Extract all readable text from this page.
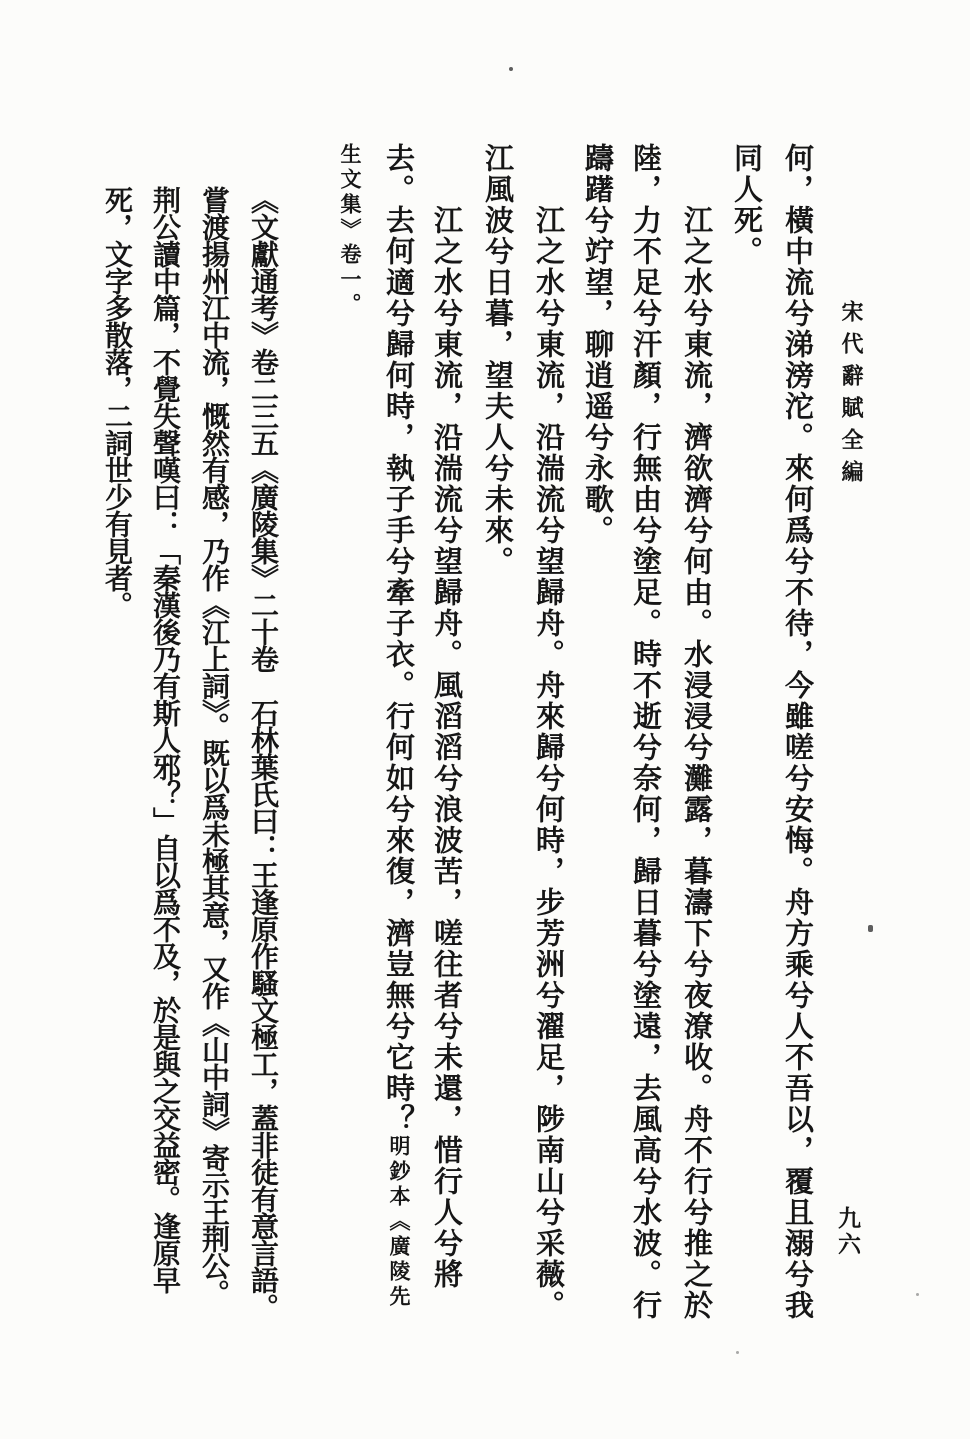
宋代辭賦全編
九六
何，橫中流兮涕滂沱。來何爲兮不待，今雖嗟兮安悔。舟方乘兮人不吾以，覆且溺兮我
同人死。
江之水兮東流，濟欲濟兮何由。水浸浸兮灘露，暮濤下兮夜潦收。舟不行兮推之於
陸，力不足兮汗顏，行無由兮塗足。時不逝兮奈何，歸日暮兮塗遠，去風高兮水波。行
躊躇兮竚望，聊逍遥兮永歌。
江之水兮東流，沿湍流兮望歸舟。舟來歸兮何時，步芳洲兮濯足，陟南山兮采薇。
江風波兮日暮，望夫人兮未來。
江之水兮東流，沿湍流兮望歸舟。風滔滔兮浪波苦，嗟往者兮未還，惜行人兮將
去。去何適兮歸何時，執子手兮牽子衣。行何如兮來復，濟豈無兮它時？明鈔本《廣陵先
生文集》卷一。
《文獻通考》卷二三五《廣陵集》二十卷　石林葉氏曰：王逢原作騷文極工，蓋非徒有意言語。
嘗渡揚州江中流，慨然有感，乃作《江上詞》。既以爲未極其意，又作《山中詞》寄示王荆公。
荆公讀中篇，不覺失聲嘆曰：「秦漢後乃有斯人邪？」自以爲不及，於是與之交益密。逢原早
死，文字多散落，二詞世少有見者。
